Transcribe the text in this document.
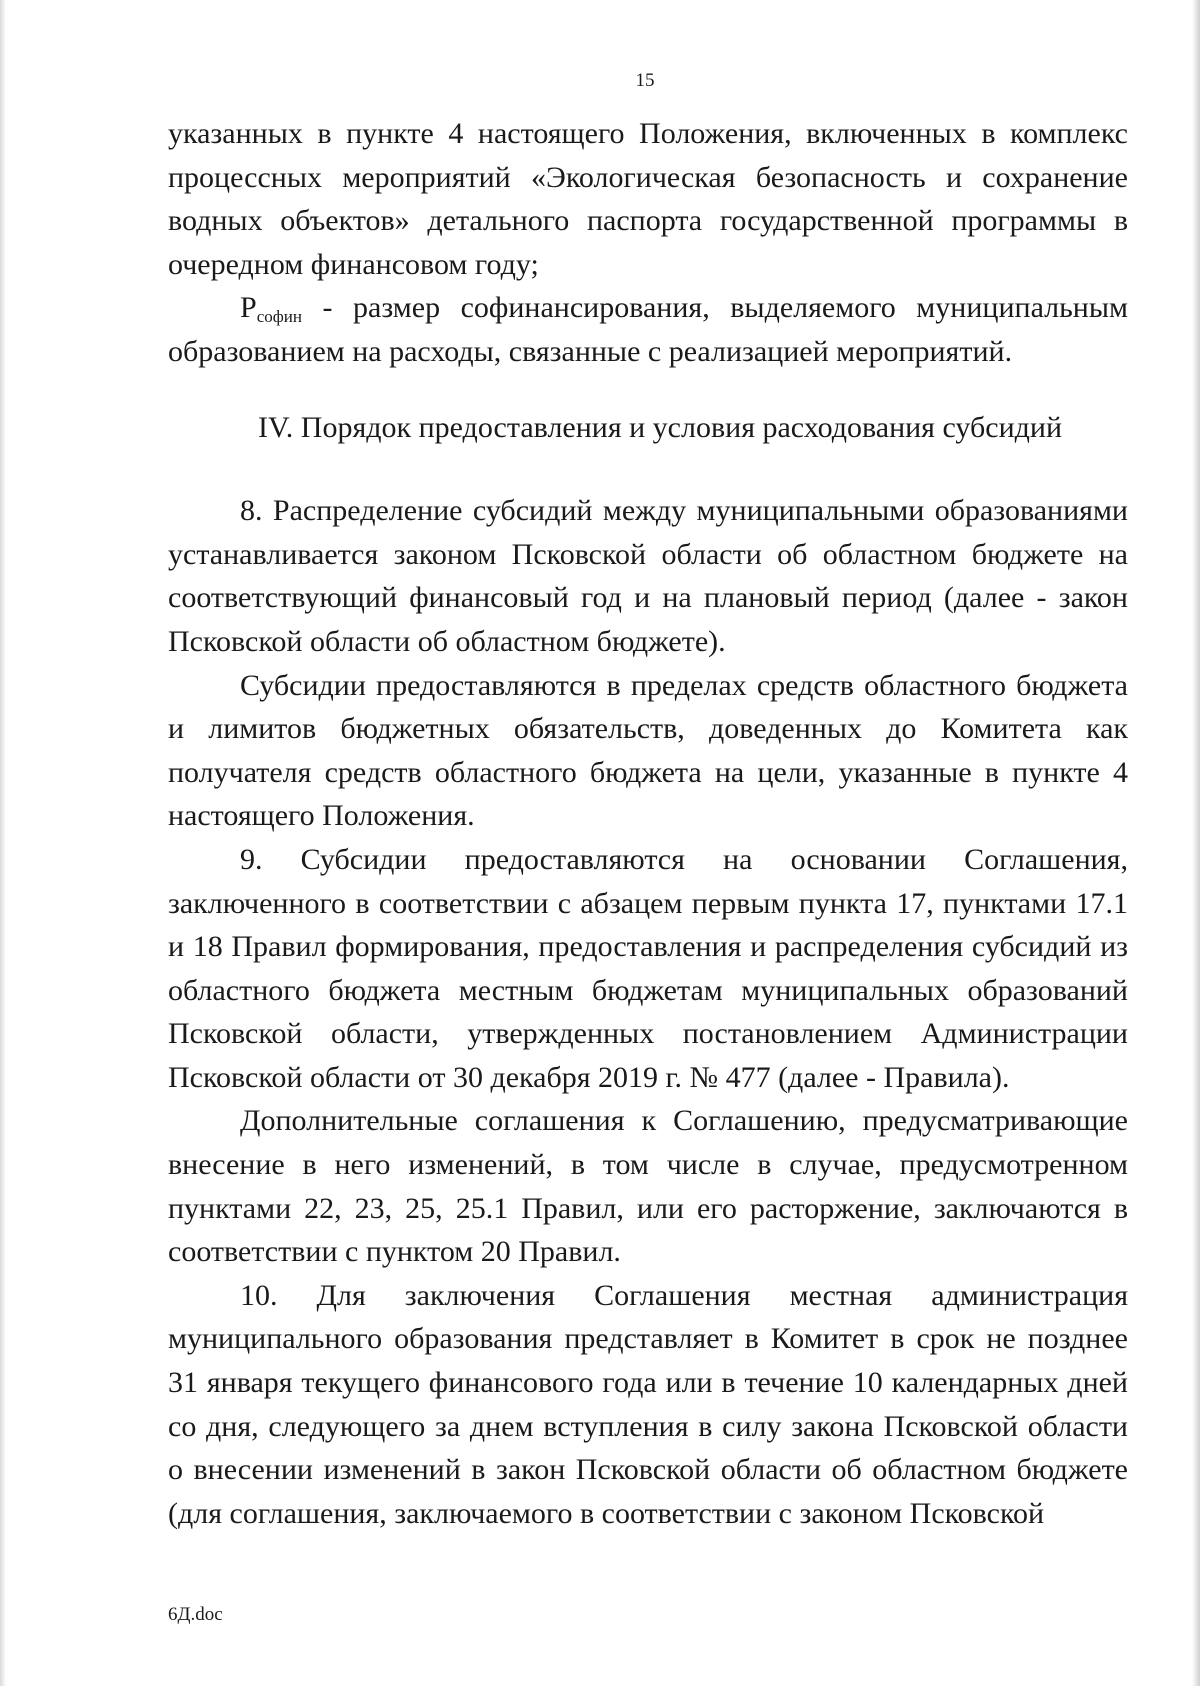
15

указанных в пункте 4 настоящего Положения, включенных в комплекс процессных мероприятий «Экологическая безопасность и сохранение водных объектов» детального паспорта государственной программы в очередном финансовом году;

$Р_{софин}$ - размер софинансирования, выделяемого муниципальным образованием на расходы, связанные с реализацией мероприятий.

IV. Порядок предоставления и условия расходования субсидий

8. Распределение субсидий между муниципальными образованиями устанавливается законом Псковской области об областном бюджете на соответствующий финансовый год и на плановый период (далее - закон Псковской области об областном бюджете).

Субсидии предоставляются в пределах средств областного бюджета и лимитов бюджетных обязательств, доведенных до Комитета как получателя средств областного бюджета на цели, указанные в пункте 4 настоящего Положения.

9. Субсидии предоставляются на основании Соглашения, заключенного в соответствии с абзацем первым пункта 17, пунктами 17.1 и 18 Правил формирования, предоставления и распределения субсидий из областного бюджета местным бюджетам муниципальных образований Псковской области, утвержденных постановлением Администрации Псковской области от 30 декабря 2019 г. № 477 (далее - Правила).

Дополнительные соглашения к Соглашению, предусматривающие внесение в него изменений, в том числе в случае, предусмотренном пунктами 22, 23, 25, 25.1 Правил, или его расторжение, заключаются в соответствии с пунктом 20 Правил.

10. Для заключения Соглашения местная администрация муниципального образования представляет в Комитет в срок не позднее 31 января текущего финансового года или в течение 10 календарных дней со дня, следующего за днем вступления в силу закона Псковской области о внесении изменений в закон Псковской области об областном бюджете (для соглашения, заключаемого в соответствии с законом Псковской

6Д.doc
